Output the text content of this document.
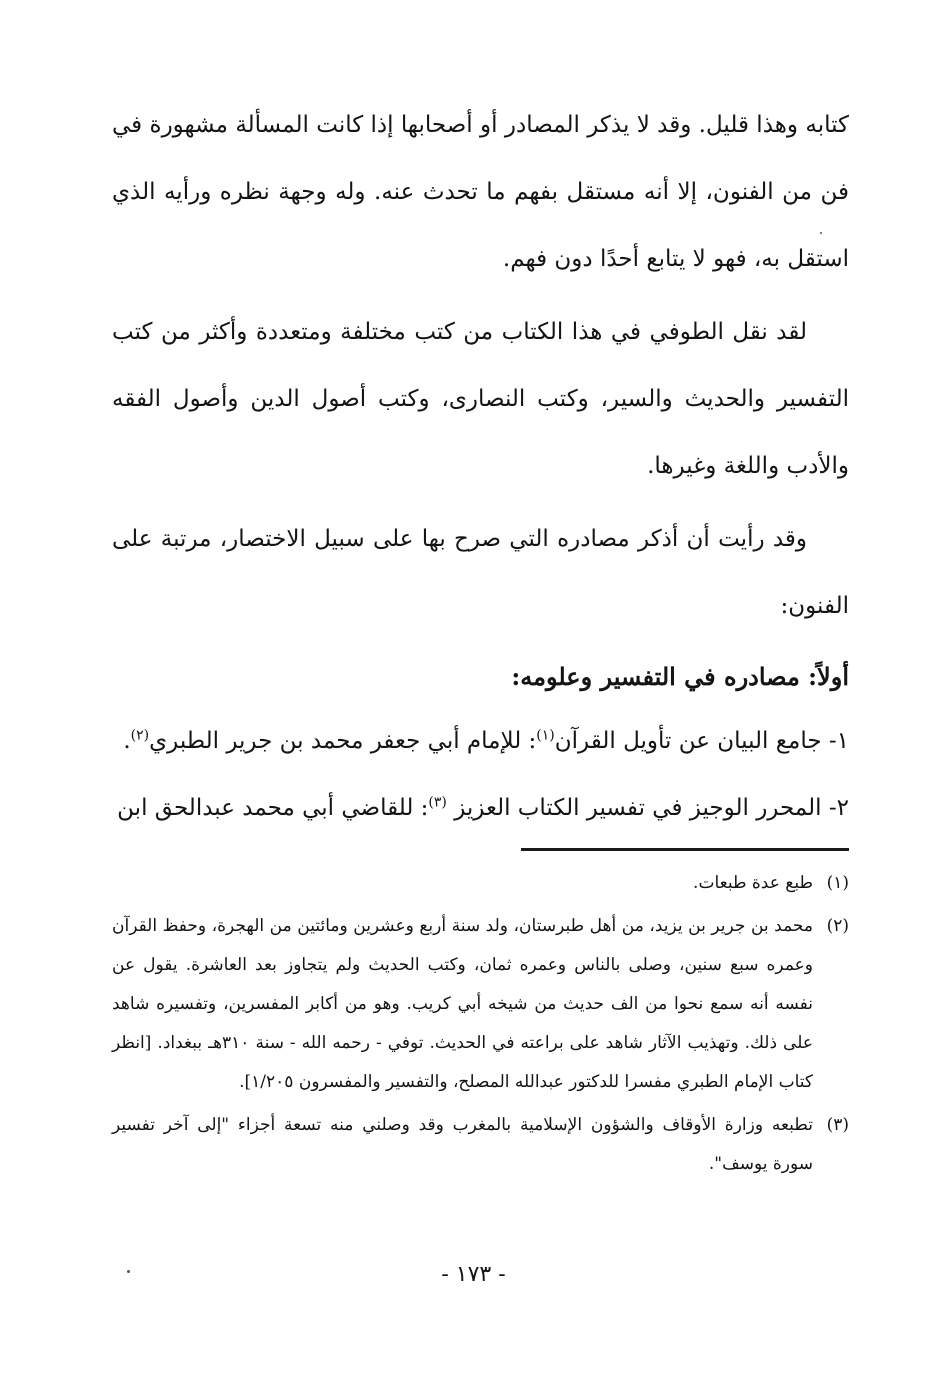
كتابه وهذا قليل. وقد لا يذكر المصادر أو أصحابها إذا كانت المسألة مشهورة في فن من الفنون، إلا أنه مستقل بفهم ما تحدث عنه. وله وجهة نظره ورأيه الذي استقل به، فهو لا يتابع أحدًا دون فهم.

لقد نقل الطوفي في هذا الكتاب من كتب مختلفة ومتعددة وأكثر من كتب التفسير والحديث والسير، وكتب النصارى، وكتب أصول الدين وأصول الفقه والأدب واللغة وغيرها.

وقد رأيت أن أذكر مصادره التي صرح بها على سبيل الاختصار، مرتبة على الفنون:

أولاً: مصادره في التفسير وعلومه:

١- جامع البيان عن تأويل القرآن$^{(١)}$: للإمام أبي جعفر محمد بن جرير الطبري$^{(٢)}$.

٢- المحرر الوجيز في تفسير الكتاب العزيز $^{(٣)}$: للقاضي أبي محمد عبدالحق ابن

(١)
طبع عدة طبعات.

(٢)
محمد بن جرير بن يزيد، من أهل طبرستان، ولد سنة أربع وعشرين ومائتين من الهجرة، وحفظ القرآن وعمره سبع سنين، وصلى بالناس وعمره ثمان، وكتب الحديث ولم يتجاوز بعد العاشرة. يقول عن نفسه أنه سمع نحوا من الف حديث من شيخه أبي كريب. وهو من أكابر المفسرين، وتفسيره شاهد على ذلك. وتهذيب الآثار شاهد على براعته في الحديث. توفي - رحمه الله - سنة ٣١٠هـ ببغداد. [انظر كتاب الإمام الطبري مفسرا للدكتور عبدالله المصلح، والتفسير والمفسرون ١/٢٠٥].

(٣)
تطبعه وزارة الأوقاف والشؤون الإسلامية بالمغرب وقد وصلني منه تسعة أجزاء "إلى آخر تفسير سورة يوسف".

- ١٧٣ -
